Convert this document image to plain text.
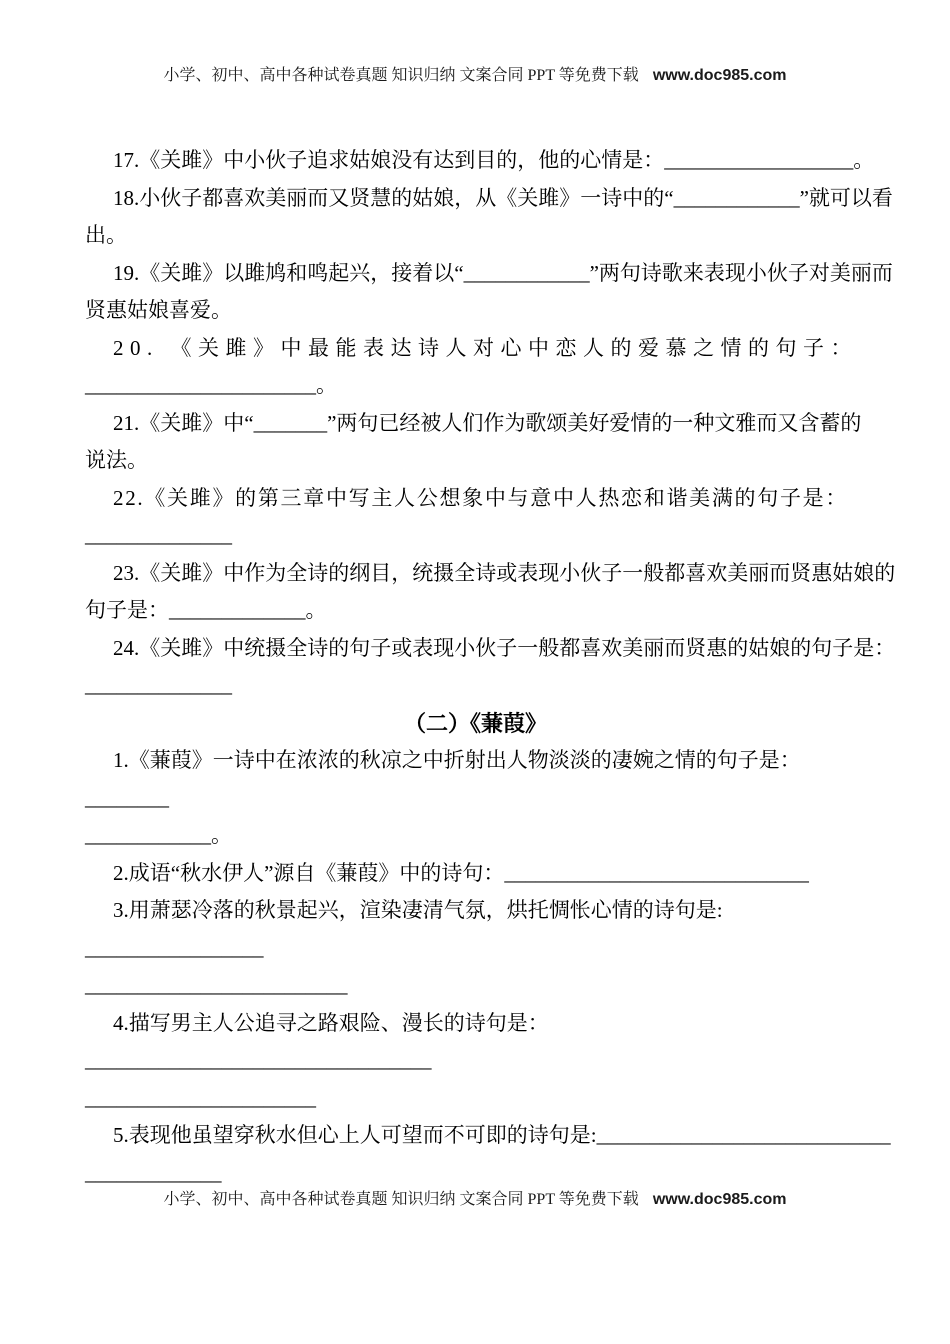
小学、初中、高中各种试卷真题 知识归纳 文案合同 PPT 等免费下载 www.doc985.com
17.《关雎》中小伙子追求姑娘没有达到目的，他的心情是：__________________。
18.小伙子都喜欢美丽而又贤慧的姑娘，从《关雎》一诗中的“____________”就可以看
出。
19.《关雎》以雎鸠和鸣起兴，接着以“____________”两句诗歌来表现小伙子对美丽而
贤惠姑娘喜爱。
20. 《关雎》中最能表达诗人对心中恋人的爱慕之情的句子：
______________________。
21.《关雎》中“_______”两句已经被人们作为歌颂美好爱情的一种文雅而又含蓄的
说法。
22.《关雎》的第三章中写主人公想象中与意中人热恋和谐美满的句子是：
______________
23.《关雎》中作为全诗的纲目，统摄全诗或表现小伙子一般都喜欢美丽而贤惠姑娘的
句子是：_____________。
24.《关雎》中统摄全诗的句子或表现小伙子一般都喜欢美丽而贤惠的姑娘的句子是：
______________
（二）《蒹葭》
1.《蒹葭》一诗中在浓浓的秋凉之中折射出人物淡淡的凄婉之情的句子是：
________
____________。
2.成语“秋水伊人”源自《蒹葭》中的诗句：_____________________________
3.用萧瑟冷落的秋景起兴，渲染凄清气氛，烘托惆怅心情的诗句是:
_________________
_________________________
4.描写男主人公追寻之路艰险、漫长的诗句是：
_________________________________
______________________
5.表现他虽望穿秋水但心上人可望而不可即的诗句是:____________________________
_____________
小学、初中、高中各种试卷真题 知识归纳 文案合同 PPT 等免费下载 www.doc985.com
